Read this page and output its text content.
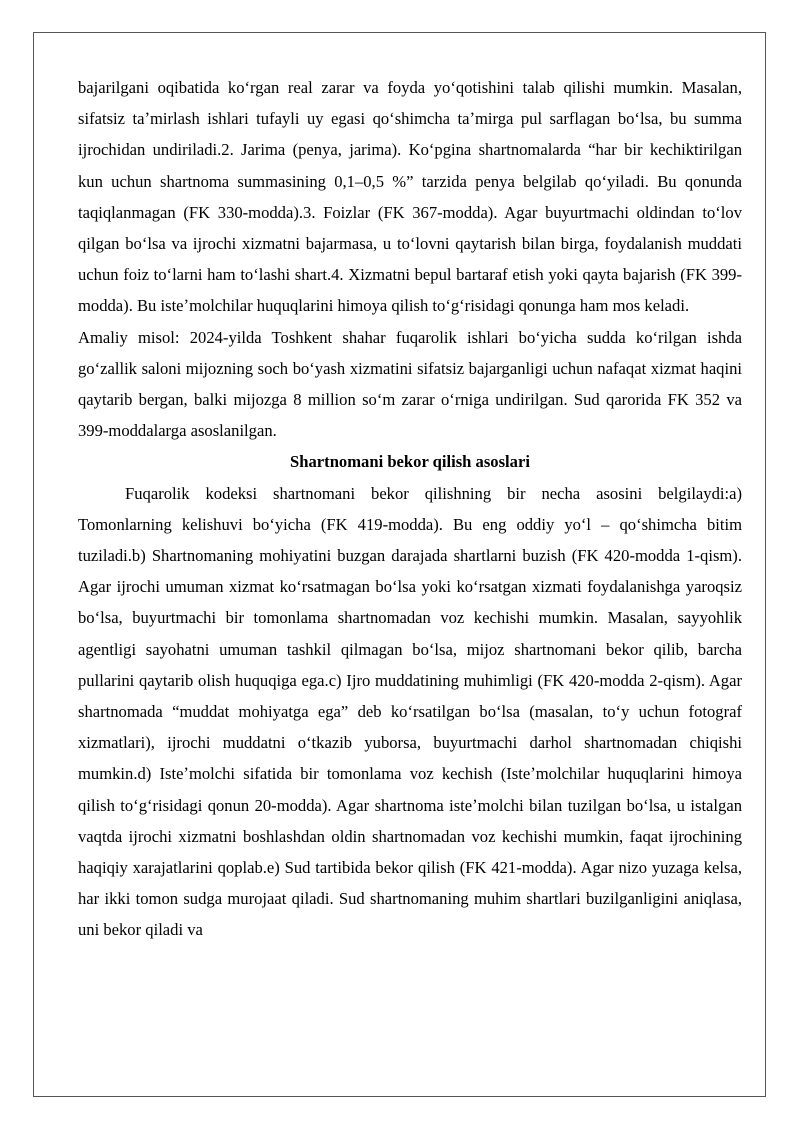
bajarilgani oqibatida koʻrgan real zarar va foyda yoʻqotishini talab qilishi mumkin. Masalan, sifatsiz taʼmirlash ishlari tufayli uy egasi qoʻshimcha taʼmirga pul sarflagan boʻlsa, bu summa ijrochidan undiriladi.2. Jarima (penya, jarima). Koʻpgina shartnomalarda “har bir kechiktirilgan kun uchun shartnoma summasining 0,1–0,5 %” tarzida penya belgilab qoʻyiladi. Bu qonunda taqiqlanmagan (FK 330-modda).3. Foizlar (FK 367-modda). Agar buyurtmachi oldindan toʻlov qilgan boʻlsa va ijrochi xizmatni bajarmasa, u toʻlovni qaytarish bilan birga, foydalanish muddati uchun foiz toʻlarni ham toʻlashi shart.4. Xizmatni bepul bartaraf etish yoki qayta bajarish (FK 399-modda). Bu isteʼmolchilar huquqlarini himoya qilish toʻgʻrisidagi qonunga ham mos keladi.

Amaliy misol: 2024-yilda Toshkent shahar fuqarolik ishlari boʻyicha sudda koʻrilgan ishda goʻzallik saloni mijozning soch boʻyash xizmatini sifatsiz bajarganligi uchun nafaqat xizmat haqini qaytarib bergan, balki mijozga 8 million soʻm zarar oʻrniga undirilgan. Sud qarorida FK 352 va 399-moddalarga asoslanilgan.

Shartnomani bekor qilish asoslari

Fuqarolik kodeksi shartnomani bekor qilishning bir necha asosini belgilaydi:a) Tomonlarning kelishuvi boʻyicha (FK 419-modda). Bu eng oddiy yoʻl – qoʻshimcha bitim tuziladi.b) Shartnomaning mohiyatini buzgan darajada shartlarni buzish (FK 420-modda 1-qism). Agar ijrochi umuman xizmat koʻrsatmagan boʻlsa yoki koʻrsatgan xizmati foydalanishga yaroqsiz boʻlsa, buyurtmachi bir tomonlama shartnomadan voz kechishi mumkin. Masalan, sayyohlik agentligi sayohatni umuman tashkil qilmagan boʻlsa, mijoz shartnomani bekor qilib, barcha pullarini qaytarib olish huquqiga ega.c) Ijro muddatining muhimligi (FK 420-modda 2-qism). Agar shartnomada “muddat mohiyatga ega” deb koʻrsatilgan boʻlsa (masalan, toʻy uchun fotograf xizmatlari), ijrochi muddatni oʻtkazib yuborsa, buyurtmachi darhol shartnomadan chiqishi mumkin.d) Isteʼmolchi sifatida bir tomonlama voz kechish (Isteʼmolchilar huquqlarini himoya qilish toʻgʻrisidagi qonun 20-modda). Agar shartnoma isteʼmolchi bilan tuzilgan boʻlsa, u istalgan vaqtda ijrochi xizmatni boshlashdan oldin shartnomadan voz kechishi mumkin, faqat ijrochining haqiqiy xarajatlarini qoplab.e) Sud tartibida bekor qilish (FK 421-modda). Agar nizo yuzaga kelsa, har ikki tomon sudga murojaat qiladi. Sud shartnomaning muhim shartlari buzilganligini aniqlasa, uni bekor qiladi va
